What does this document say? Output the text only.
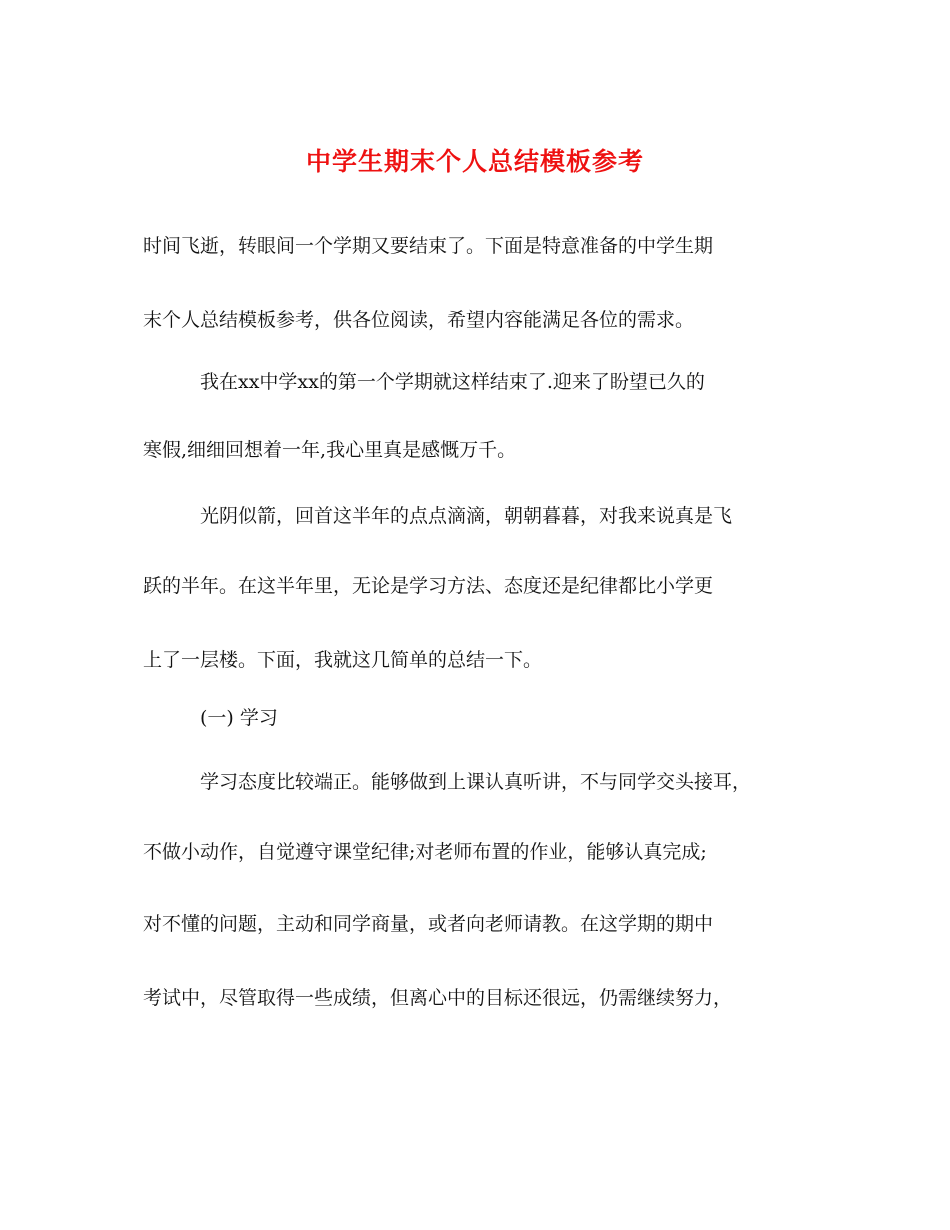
中学生期末个人总结模板参考
时间飞逝，转眼间一个学期又要结束了。下面是特意准备的中学生期
末个人总结模板参考，供各位阅读，希望内容能满足各位的需求。
我在xx中学xx的第一个学期就这样结束了.迎来了盼望已久的
寒假,细细回想着一年,我心里真是感慨万千。
光阴似箭，回首这半年的点点滴滴，朝朝暮暮，对我来说真是飞
跃的半年。在这半年里，无论是学习方法、态度还是纪律都比小学更
上了一层楼。下面，我就这几简单的总结一下。
(一) 学习
学习态度比较端正。能够做到上课认真听讲，不与同学交头接耳，
不做小动作，自觉遵守课堂纪律;对老师布置的作业，能够认真完成;
对不懂的问题，主动和同学商量，或者向老师请教。在这学期的期中
考试中，尽管取得一些成绩，但离心中的目标还很远，仍需继续努力，
